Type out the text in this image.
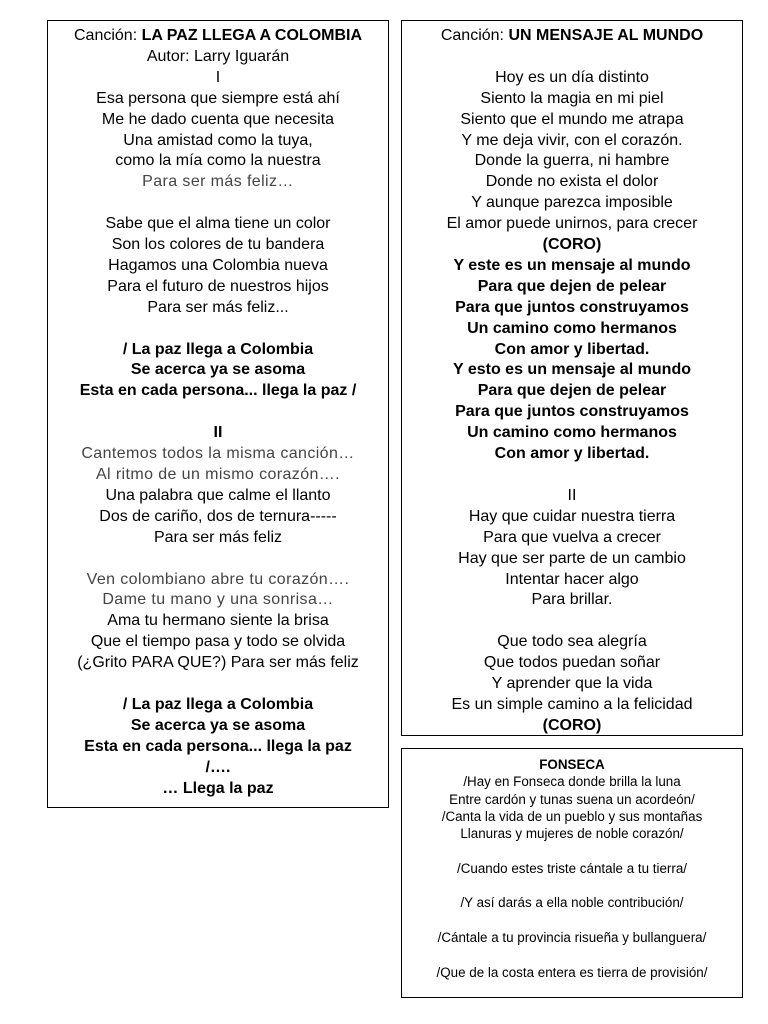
Canción: LA PAZ LLEGA A COLOMBIA
Autor: Larry Iguarán
I
Esa persona que siempre está ahí
Me he dado cuenta que necesita
Una amistad como la tuya,
como la mía como la nuestra
Para ser más feliz…
Sabe que el alma tiene un color
Son los colores de tu bandera
Hagamos una Colombia nueva
Para el futuro de nuestros hijos
Para ser más feliz...
/ La paz llega a Colombia
Se acerca ya se asoma
Esta en cada persona... llega la paz /
II
Cantemos todos la misma canción…
Al ritmo de un mismo corazón….
Una palabra que calme el llanto
Dos de cariño, dos de ternura-----
Para ser más feliz
Ven colombiano abre tu corazón….
Dame tu mano y una sonrisa…
Ama tu hermano siente la brisa
Que el tiempo pasa y todo se olvida
(¿Grito PARA QUE?) Para ser más feliz
/ La paz llega a Colombia
Se acerca ya se asoma
Esta en cada persona... llega la paz
/….
… Llega la paz
Canción: UN MENSAJE AL MUNDO
Hoy es un día distinto
Siento la magia en mi piel
Siento que el mundo me atrapa
Y me deja vivir, con el corazón.
Donde la guerra, ni hambre
Donde no exista el dolor
Y aunque parezca imposible
El amor puede unirnos, para crecer
(CORO)
Y este es un mensaje al mundo
Para que dejen de pelear
Para que juntos construyamos
Un camino como hermanos
Con amor y libertad.
Y esto es un mensaje al mundo
Para que dejen de pelear
Para que juntos construyamos
Un camino como hermanos
Con amor y libertad.
II
Hay que cuidar nuestra tierra
Para que vuelva a crecer
Hay que ser parte de un cambio
Intentar hacer algo
Para brillar.
Que todo sea alegría
Que todos puedan soñar
Y aprender que la vida
Es un simple camino a la felicidad
(CORO)
FONSECA
/Hay en Fonseca donde brilla la luna
Entre cardón y tunas suena un acordeón/
/Canta la vida de un pueblo y sus montañas
Llanuras y mujeres de noble corazón/
/Cuando estes triste cántale a tu tierra/
/Y así darás a ella noble contribución/
/Cántale a tu provincia risueña y bullanguera/
/Que de la costa entera es tierra de provisión/
